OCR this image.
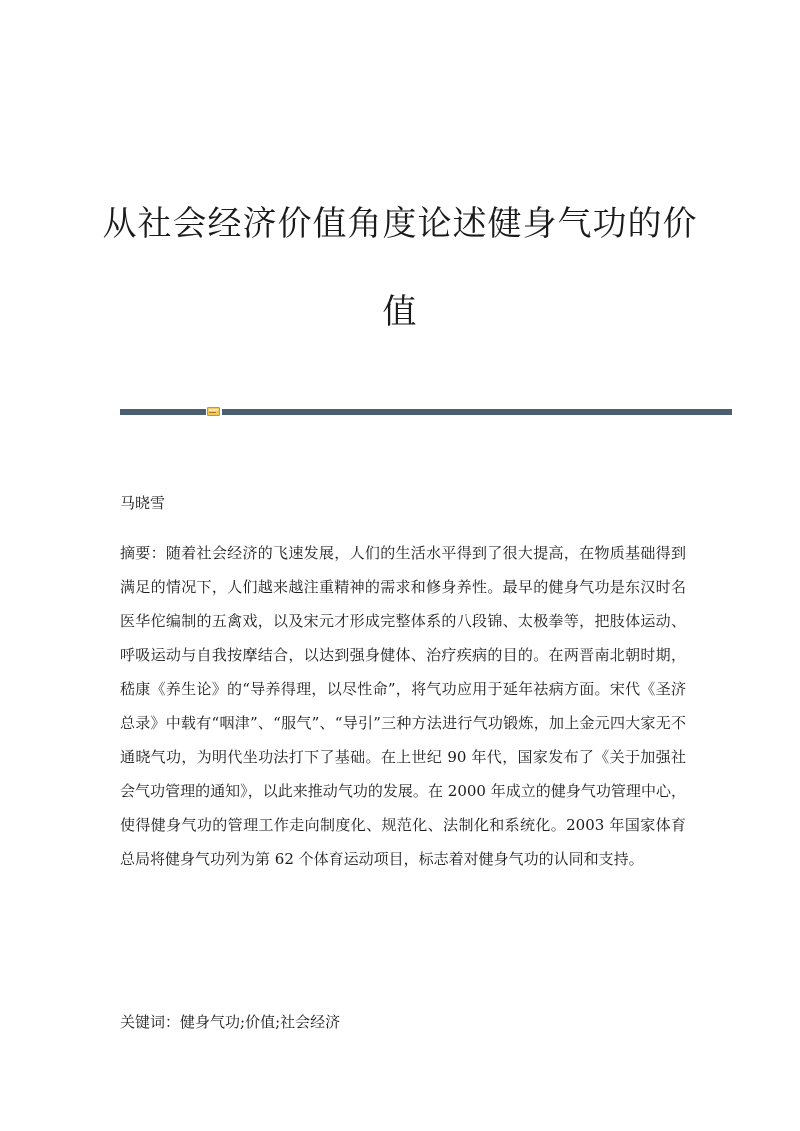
从社会经济价值角度论述健身气功的价
值
马晓雪

摘要：随着社会经济的飞速发展，人们的生活水平得到了很大提高，在物质基础得到满足的情况下，人们越来越注重精神的需求和修身养性。最早的健身气功是东汉时名医华佗编制的五禽戏，以及宋元才形成完整体系的八段锦、太极拳等，把肢体运动、呼吸运动与自我按摩结合，以达到强身健体、治疗疾病的目的。在两晋南北朝时期，嵇康《养生论》的“导养得理，以尽性命”，将气功应用于延年祛病方面。宋代《圣济总录》中载有“咽津”、“服气”、“导引”三种方法进行气功锻炼，加上金元四大家无不通晓气功，为明代坐功法打下了基础。在上世纪 90 年代，国家发布了《关于加强社会气功管理的通知》，以此来推动气功的发展。在 2000 年成立的健身气功管理中心，使得健身气功的管理工作走向制度化、规范化、法制化和系统化。2003 年国家体育总局将健身气功列为第 62 个体育运动项目，标志着对健身气功的认同和支持。

关键词：健身气功;价值;社会经济
